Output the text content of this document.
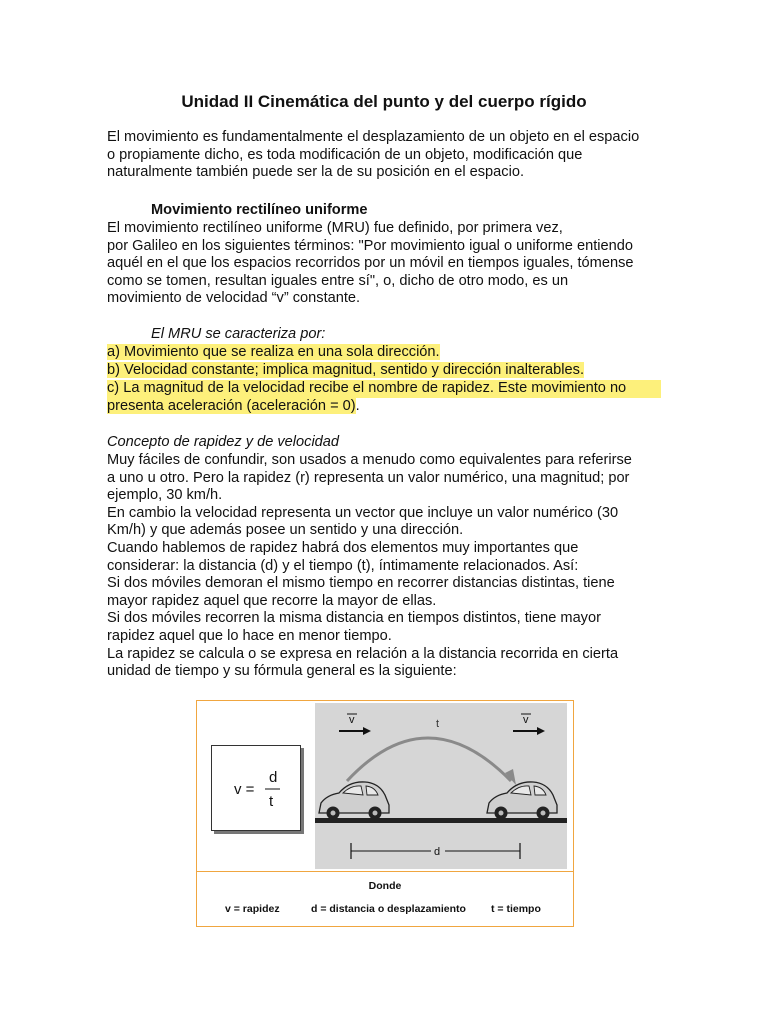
Unidad II Cinemática del punto y del cuerpo rígido
El movimiento es fundamentalmente el desplazamiento de un objeto en el espacio
o propiamente dicho, es toda modificación de un objeto, modificación que
naturalmente también puede ser la de su posición en el espacio.
Movimiento rectilíneo uniforme
El movimiento rectilíneo uniforme (MRU) fue definido, por primera vez,
por Galileo en los siguientes términos: "Por movimiento igual o uniforme entiendo
aquél en el que los espacios recorridos por un móvil en tiempos iguales, tómense
como se tomen, resultan iguales entre sí", o, dicho de otro modo, es un
movimiento de velocidad “v” constante.
El MRU se caracteriza por:
a) Movimiento que se realiza en una sola dirección.
b) Velocidad constante; implica magnitud, sentido y dirección inalterables.
c) La magnitud de la velocidad recibe el nombre de rapidez. Este movimiento no
presenta aceleración (aceleración = 0).
Concepto de rapidez y de velocidad
Muy fáciles de confundir, son usados a menudo como equivalentes para referirse
a uno u otro. Pero la rapidez (r) representa un valor numérico, una magnitud; por
ejemplo, 30 km/h.
En cambio la velocidad representa un vector que incluye un valor numérico (30
Km/h) y que además posee un sentido y una dirección.
Cuando hablemos de rapidez habrá dos elementos muy importantes que
considerar: la distancia (d) y el tiempo (t), íntimamente relacionados. Así:
Si dos móviles demoran el mismo tiempo en recorrer distancias distintas, tiene
mayor rapidez aquel que recorre la mayor de ellas.
Si dos móviles recorren la misma distancia en tiempos distintos, tiene mayor
rapidez aquel que lo hace en menor tiempo.
La rapidez se calcula o se expresa en relación a la distancia recorrida en cierta
unidad de tiempo y su fórmula general es la siguiente:
v =
d
t
v	t	v
d
Donde
v = rapidez	d = distancia o desplazamiento t = tiempo
